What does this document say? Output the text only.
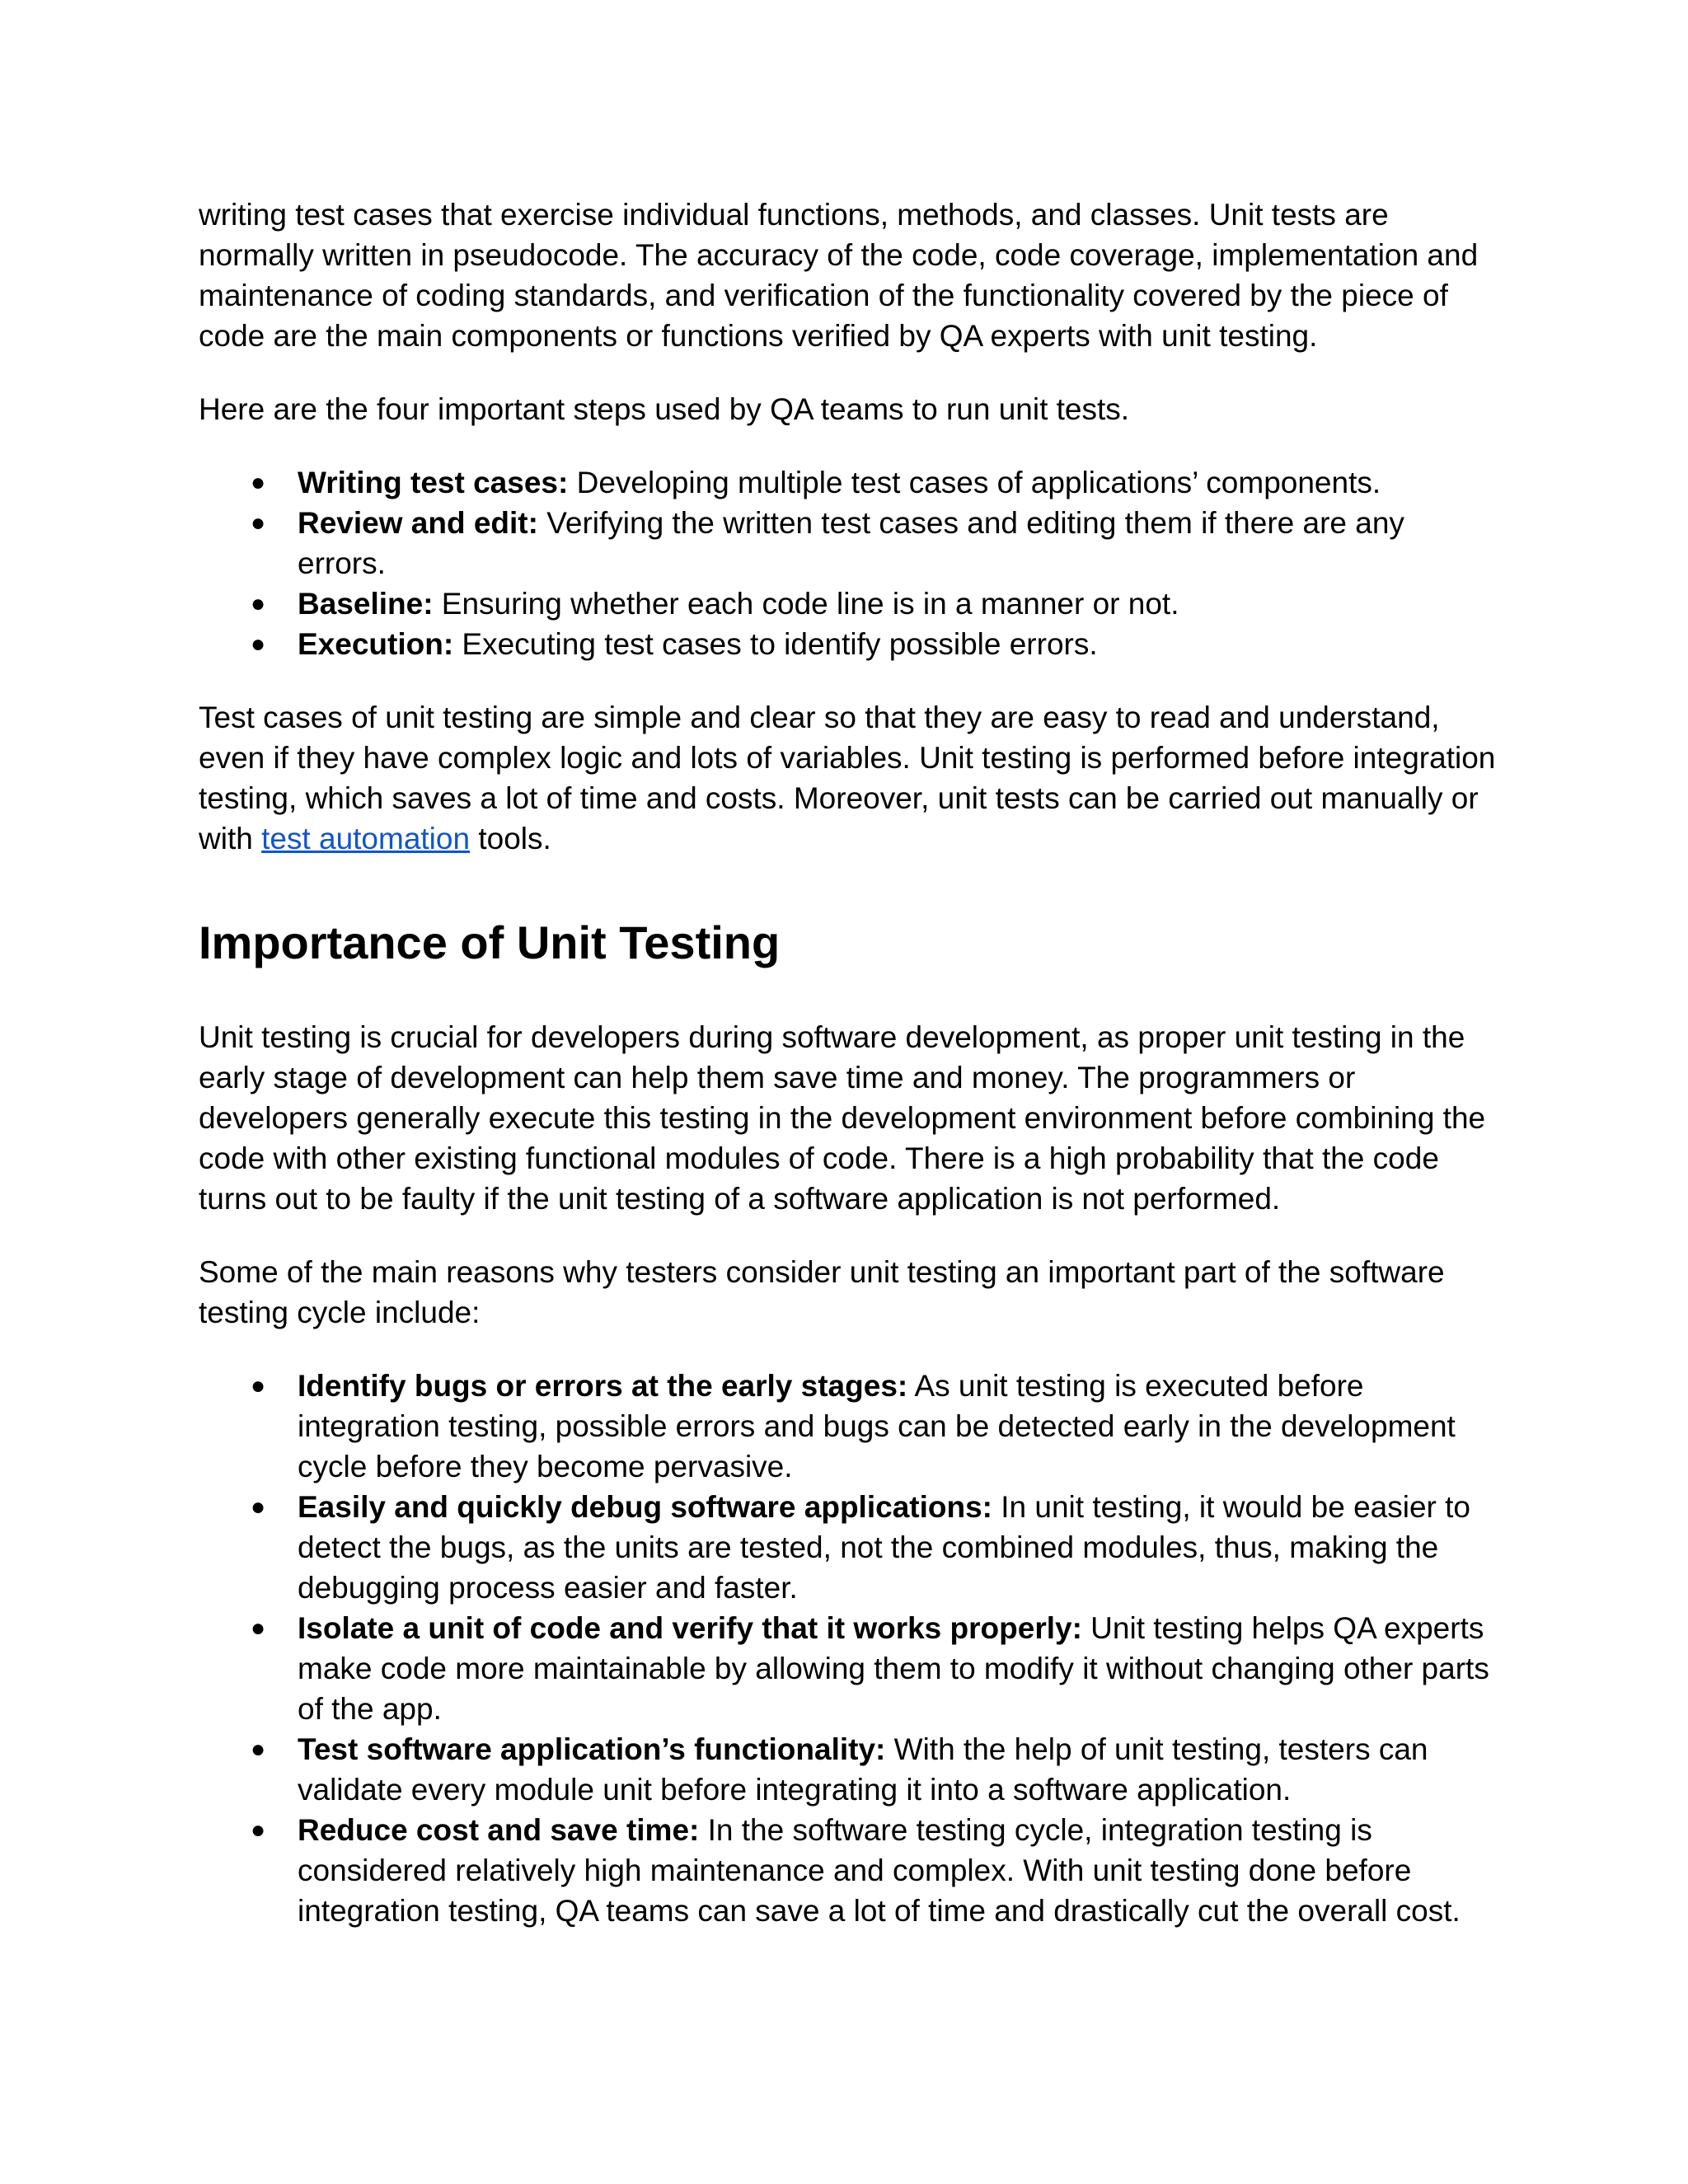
writing test cases that exercise individual functions, methods, and classes. Unit tests are normally written in pseudocode. The accuracy of the code, code coverage, implementation and maintenance of coding standards, and verification of the functionality covered by the piece of code are the main components or functions verified by QA experts with unit testing.

Here are the four important steps used by QA teams to run unit tests.

● Writing test cases: Developing multiple test cases of applications’ components.
● Review and edit: Verifying the written test cases and editing them if there are any errors.
● Baseline: Ensuring whether each code line is in a manner or not.
● Execution: Executing test cases to identify possible errors.

Test cases of unit testing are simple and clear so that they are easy to read and understand, even if they have complex logic and lots of variables. Unit testing is performed before integration testing, which saves a lot of time and costs. Moreover, unit tests can be carried out manually or with test automation tools.

Importance of Unit Testing

Unit testing is crucial for developers during software development, as proper unit testing in the early stage of development can help them save time and money. The programmers or developers generally execute this testing in the development environment before combining the code with other existing functional modules of code. There is a high probability that the code turns out to be faulty if the unit testing of a software application is not performed.

Some of the main reasons why testers consider unit testing an important part of the software testing cycle include:

● Identify bugs or errors at the early stages: As unit testing is executed before integration testing, possible errors and bugs can be detected early in the development cycle before they become pervasive.
● Easily and quickly debug software applications: In unit testing, it would be easier to detect the bugs, as the units are tested, not the combined modules, thus, making the debugging process easier and faster.
● Isolate a unit of code and verify that it works properly: Unit testing helps QA experts make code more maintainable by allowing them to modify it without changing other parts of the app.
● Test software application’s functionality: With the help of unit testing, testers can validate every module unit before integrating it into a software application.
● Reduce cost and save time: In the software testing cycle, integration testing is considered relatively high maintenance and complex. With unit testing done before integration testing, QA teams can save a lot of time and drastically cut the overall cost.
